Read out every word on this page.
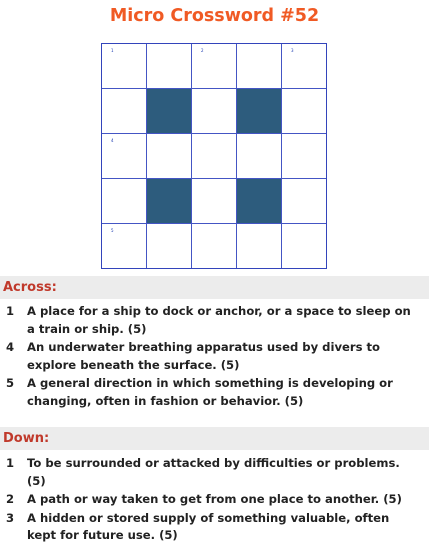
Micro Crossword #52
1	2	3
4
5
Across:
1 A place for a ship to dock or anchor, or a space to sleep on a train or ship. (5)
4 An underwater breathing apparatus used by divers to explore beneath the surface. (5)
5 A general direction in which something is developing or changing, often in fashion or behavior. (5)
Down:
1 To be surrounded or attacked by difficulties or problems. (5)
2 A path or way taken to get from one place to another. (5)
3 A hidden or stored supply of something valuable, often kept for future use. (5)
